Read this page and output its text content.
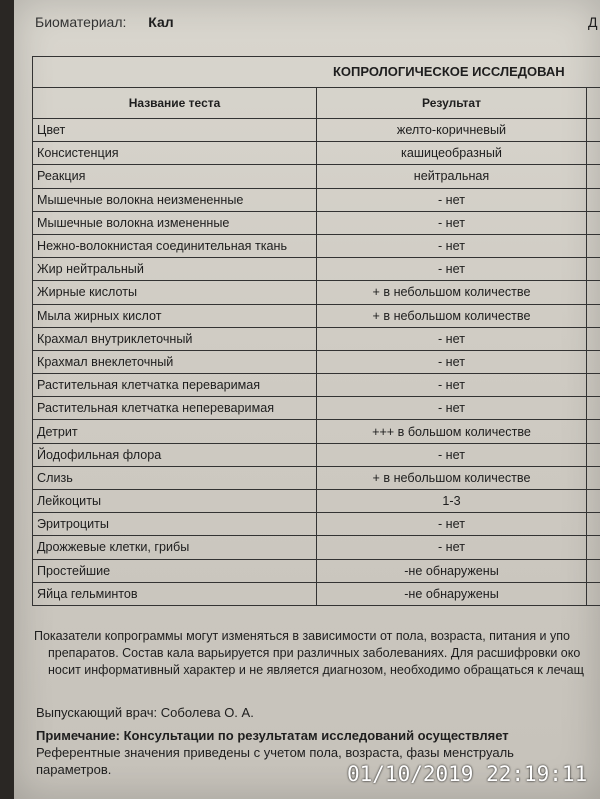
Биоматериал: Кал	Д
КОПРОЛОГИЧЕСКОЕ ИССЛЕДОВАН
Название теста	Результат	
Цвет	желто-коричневый	
Консистенция	кашицеобразный	
Реакция	нейтральная	
Мышечные волокна неизмененные	- нет	
Мышечные волокна измененные	- нет	
Нежно-волокнистая соединительная ткань	- нет	
Жир нейтральный	- нет	
Жирные кислоты	+ в небольшом количестве	
Мыла жирных кислот	+ в небольшом количестве	
Крахмал внутриклеточный	- нет	
Крахмал внеклеточный	- нет	
Растительная клетчатка переваримая	- нет	
Растительная клетчатка непереваримая	- нет	
Детрит	+++ в большом количестве	
Йодофильная флора	- нет	
Слизь	+ в небольшом количестве	
Лейкоциты	1-3	
Эритроциты	- нет	
Дрожжевые клетки, грибы	- нет	
Простейшие	-не обнаружены	
Яйца гельминтов	-не обнаружены	

Показатели копрограммы могут изменяться в зависимости от пола, возраста, питания и упо

препаратов. Состав кала варьируется при различных заболеваниях. Для расшифровки око

носит информативный характер и не является диагнозом, необходимо обращаться к лечащ

Выпускающий врач: Соболева О. А.

Примечание: Консультации по результатам исследований осуществляет

Референтные значения приведены с учетом пола, возраста, фазы менструаль

параметров.	01/10/2019 22:19:11
